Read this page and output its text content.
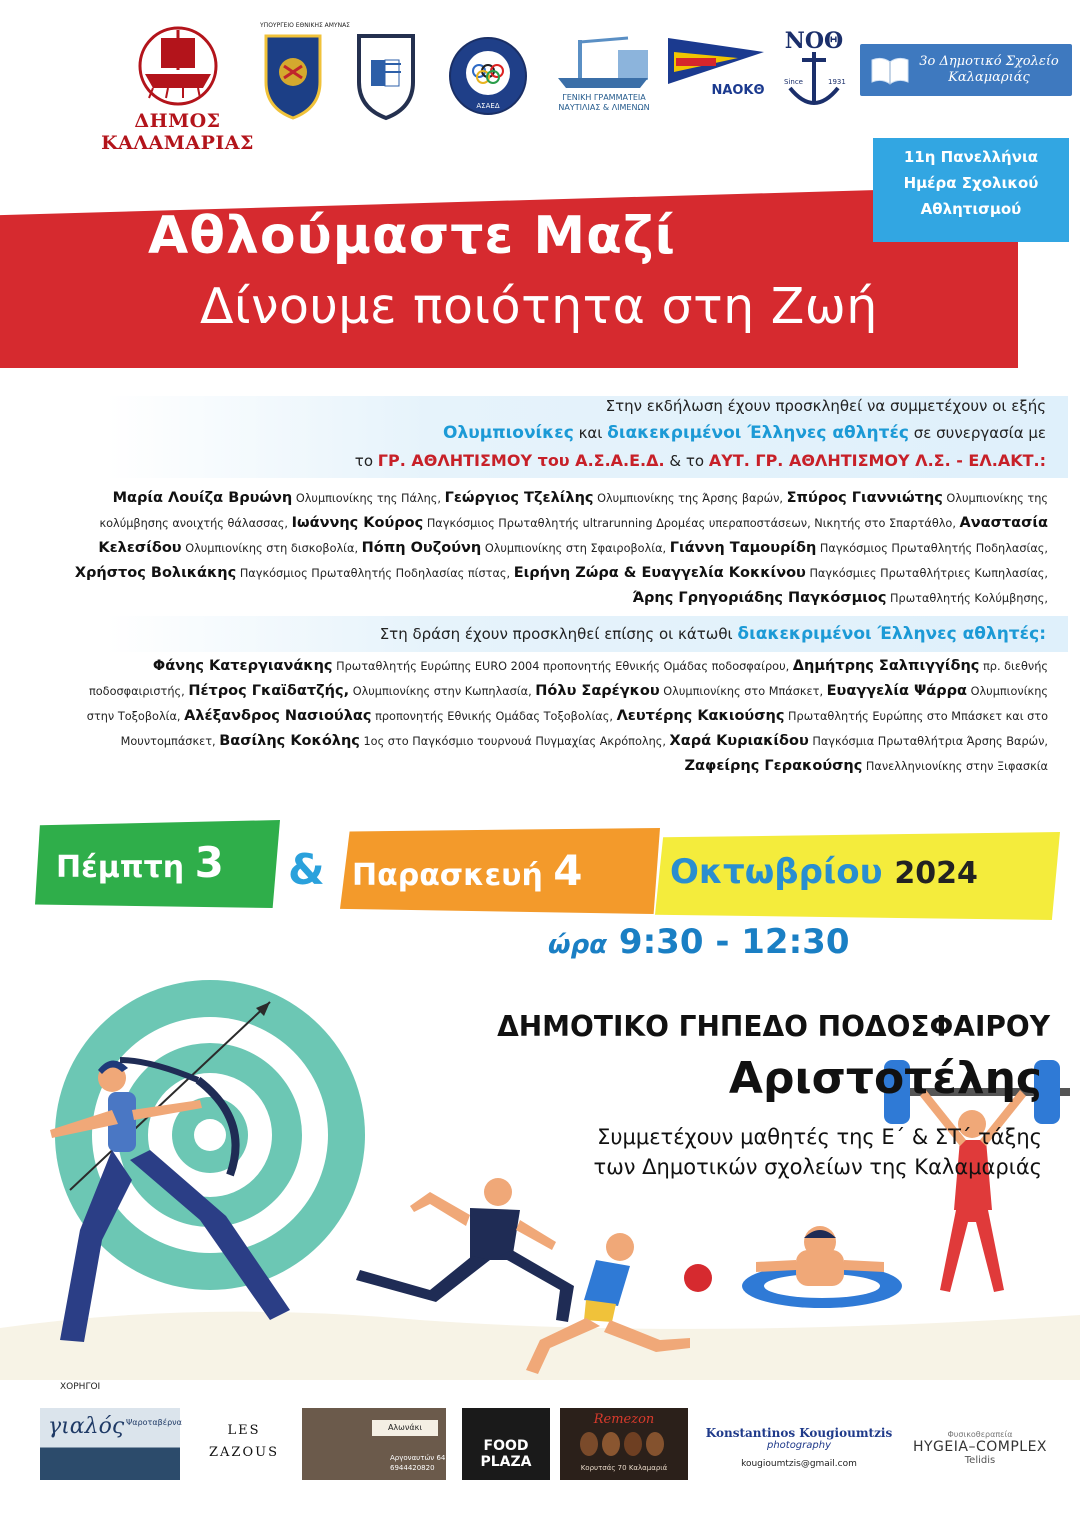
ΔΗΜΟΣ ΚΑΛΑΜΑΡΙΑΣ
ΥΠΟΥΡΓΕΙΟ ΕΘΝΙΚΗΣ ΑΜΥΝΑΣ
ΑΣΑΕΔ
ΓΕΝΙΚΗ ΓΡΑΜΜΑΤΕΙΑ
ΝΑΥΤΙΛΙΑΣ & ΛΙΜΕΝΩΝ
ΝΑΟΚΘ
ΝΟΘ
Since	1931
3ο Δημοτικό Σχολείο
Καλαμαριάς
11η Πανελλήνια
Ημέρα Σχολικού
Αθλητισμού
Αθλούμαστε Μαζί
Δίνουμε ποιότητα στη Ζωή
Στην εκδήλωση έχουν προσκληθεί να συμμετέχουν οι εξής
Ολυμπιονίκες και διακεκριμένοι Έλληνες αθλητές σε συνεργασία με
το ΓΡ. ΑΘΛΗΤΙΣΜΟΥ του Α.Σ.Α.Ε.Δ. & το ΑΥΤ. ΓΡ. ΑΘΛΗΤΙΣΜΟΥ Λ.Σ. - ΕΛ.ΑΚΤ.:
Μαρία Λουίζα Βρυώνη Ολυμπιονίκης της Πάλης, Γεώργιος Τζελίλης Ολυμπιονίκης της Άρσης βαρών, Σπύρος Γιαννιώτης Ολυμπιονίκης της κολύμβησης ανοιχτής θάλασσας, Ιωάννης Κούρος Παγκόσμιος Πρωταθλητής ultrarunning Δρομέας υπεραποστάσεων, Νικητής στο Σπαρτάθλο, Αναστασία Κελεσίδου Ολυμπιονίκης στη δισκοβολία, Πόπη Ουζούνη Ολυμπιονίκης στη Σφαιροβολία, Γιάννη Ταμουρίδη Παγκόσμιος Πρωταθλητής Ποδηλασίας, Χρήστος Βολικάκης Παγκόσμιος Πρωταθλητής Ποδηλασίας πίστας, Ειρήνη Ζώρα & Ευαγγελία Κοκκίνου Παγκόσμιες Πρωταθλήτριες Κωπηλασίας, Άρης Γρηγοριάδης Παγκόσμιος Πρωταθλητής Κολύμβησης,
Στη δράση έχουν προσκληθεί επίσης οι κάτωθι διακεκριμένοι Έλληνες αθλητές:
Φάνης Κατεργιανάκης Πρωταθλητής Ευρώπης EURO 2004 προπονητής Εθνικής Ομάδας ποδοσφαίρου, Δημήτρης Σαλπιγγίδης πρ. διεθνής ποδοσφαιριστής, Πέτρος Γκαϊδατζής, Ολυμπιονίκης στην Κωπηλασία, Πόλυ Σαρέγκου Ολυμπιονίκης στο Μπάσκετ, Ευαγγελία Ψάρρα Ολυμπιονίκης στην Τοξοβολία, Αλέξανδρος Νασιούλας προπονητής Εθνικής Ομάδας Τοξοβολίας, Λευτέρης Κακιούσης Πρωταθλητής Ευρώπης στο Μπάσκετ και στο Μουντομπάσκετ, Βασίλης Κοκόλης 1ος στο Παγκόσμιο τουρνουά Πυγμαχίας Ακρόπολης, Χαρά Κυριακίδου Παγκόσμια Πρωταθλήτρια Άρσης Βαρών, Ζαφείρης Γερακούσης Πανελληνιονίκης στην Ξιφασκία
Πέμπτη 3 & Παρασκευή 4	Οκτωβρίου 2024
ώρα 9:30 - 12:30
ΔΗΜΟΤΙΚΟ ΓΗΠΕΔΟ ΠΟΔΟΣΦΑΙΡΟΥ
Αριστοτέλης
Συμμετέχουν μαθητές της Ε΄ & ΣΤ΄ τάξης
των Δημοτικών σχολείων της Καλαμαριάς
ΧΟΡΗΓΟΙ
γιαλός Ψαροταβέρνα
LES
ZAZOUS
Αλωνάκι
Αργοναυτών 64
6944420820
FOOD
PLAZA
Remezon
Κορυτσάς 70 Καλαμαριά
Konstantinos Kougioumtzis
photography
kougioumtzis@gmail.com
Φυσικοθεραπεία
HYGEIA–COMPLEX
Telidis
